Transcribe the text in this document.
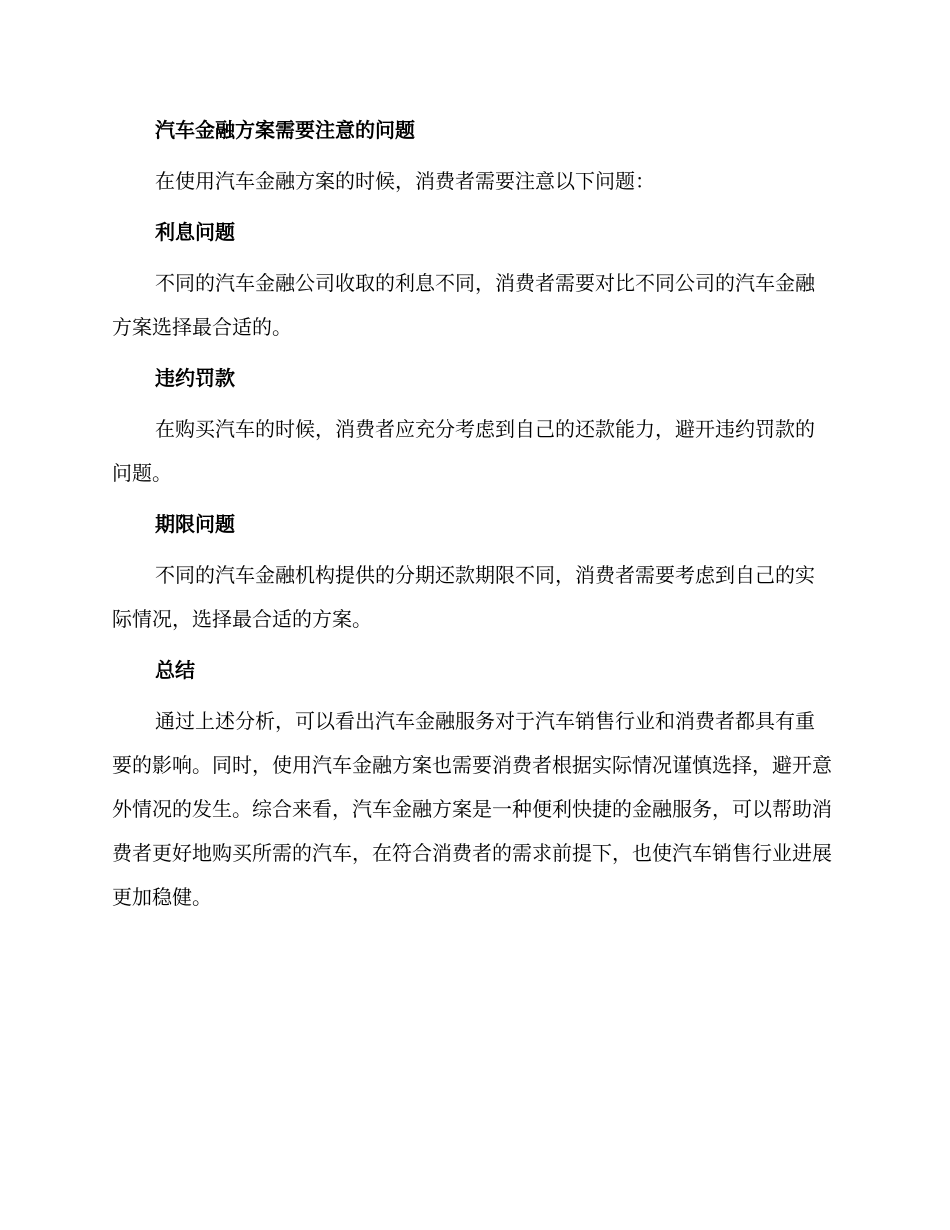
汽车金融方案需要注意的问题

在使用汽车金融方案的时候，消费者需要注意以下问题：

利息问题

不同的汽车金融公司收取的利息不同，消费者需要对比不同公司的汽车金融方案选择最合适的。

违约罚款

在购买汽车的时候，消费者应充分考虑到自己的还款能力，避开违约罚款的问题。

期限问题

不同的汽车金融机构提供的分期还款期限不同，消费者需要考虑到自己的实际情况，选择最合适的方案。

总结

通过上述分析，可以看出汽车金融服务对于汽车销售行业和消费者都具有重要的影响。同时，使用汽车金融方案也需要消费者根据实际情况谨慎选择，避开意外情况的发生。综合来看，汽车金融方案是一种便利快捷的金融服务，可以帮助消费者更好地购买所需的汽车，在符合消费者的需求前提下，也使汽车销售行业进展更加稳健。
